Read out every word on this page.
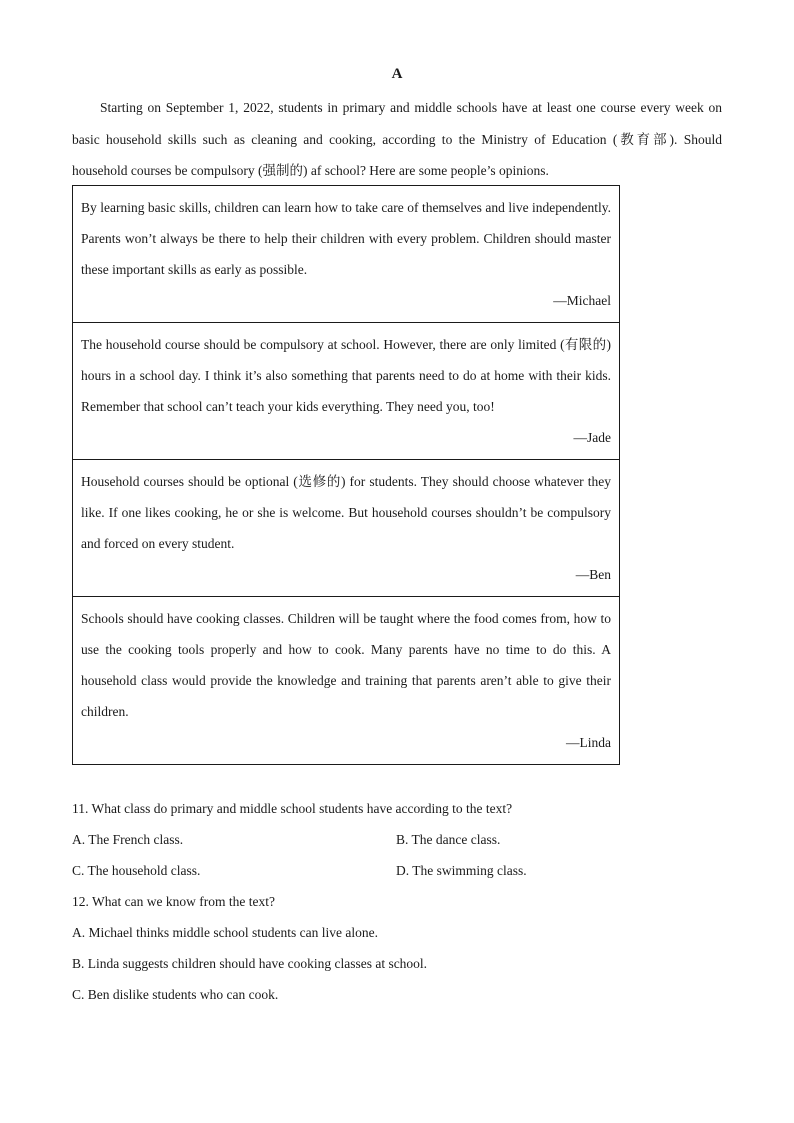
A

Starting on September 1, 2022, students in primary and middle schools have at least one course every week on basic household skills such as cleaning and cooking, according to the Ministry of Education (教育部). Should household courses be compulsory (强制的) af school? Here are some people’s opinions.

By learning basic skills, children can learn how to take care of themselves and live independently. Parents won’t always be there to help their children with every problem. Children should master these important skills as early as possible.

—Michael

The household course should be compulsory at school. However, there are only limited (有限的) hours in a school day. I think it’s also something that parents need to do at home with their kids. Remember that school can’t teach your kids everything. They need you, too!

—Jade

Household courses should be optional (选修的) for students. They should choose whatever they like. If one likes cooking, he or she is welcome. But household courses shouldn’t be compulsory and forced on every student.

—Ben

Schools should have cooking classes. Children will be taught where the food comes from, how to use the cooking tools properly and how to cook. Many parents have no time to do this. A household class would provide the knowledge and training that parents aren’t able to give their children.

—Linda
11. What class do primary and middle school students have according to the text?
A. The French class.	B. The dance class.
C. The household class.	D. The swimming class.
12. What can we know from the text?
A. Michael thinks middle school students can live alone.
B. Linda suggests children should have cooking classes at school.
C. Ben dislike students who can cook.
